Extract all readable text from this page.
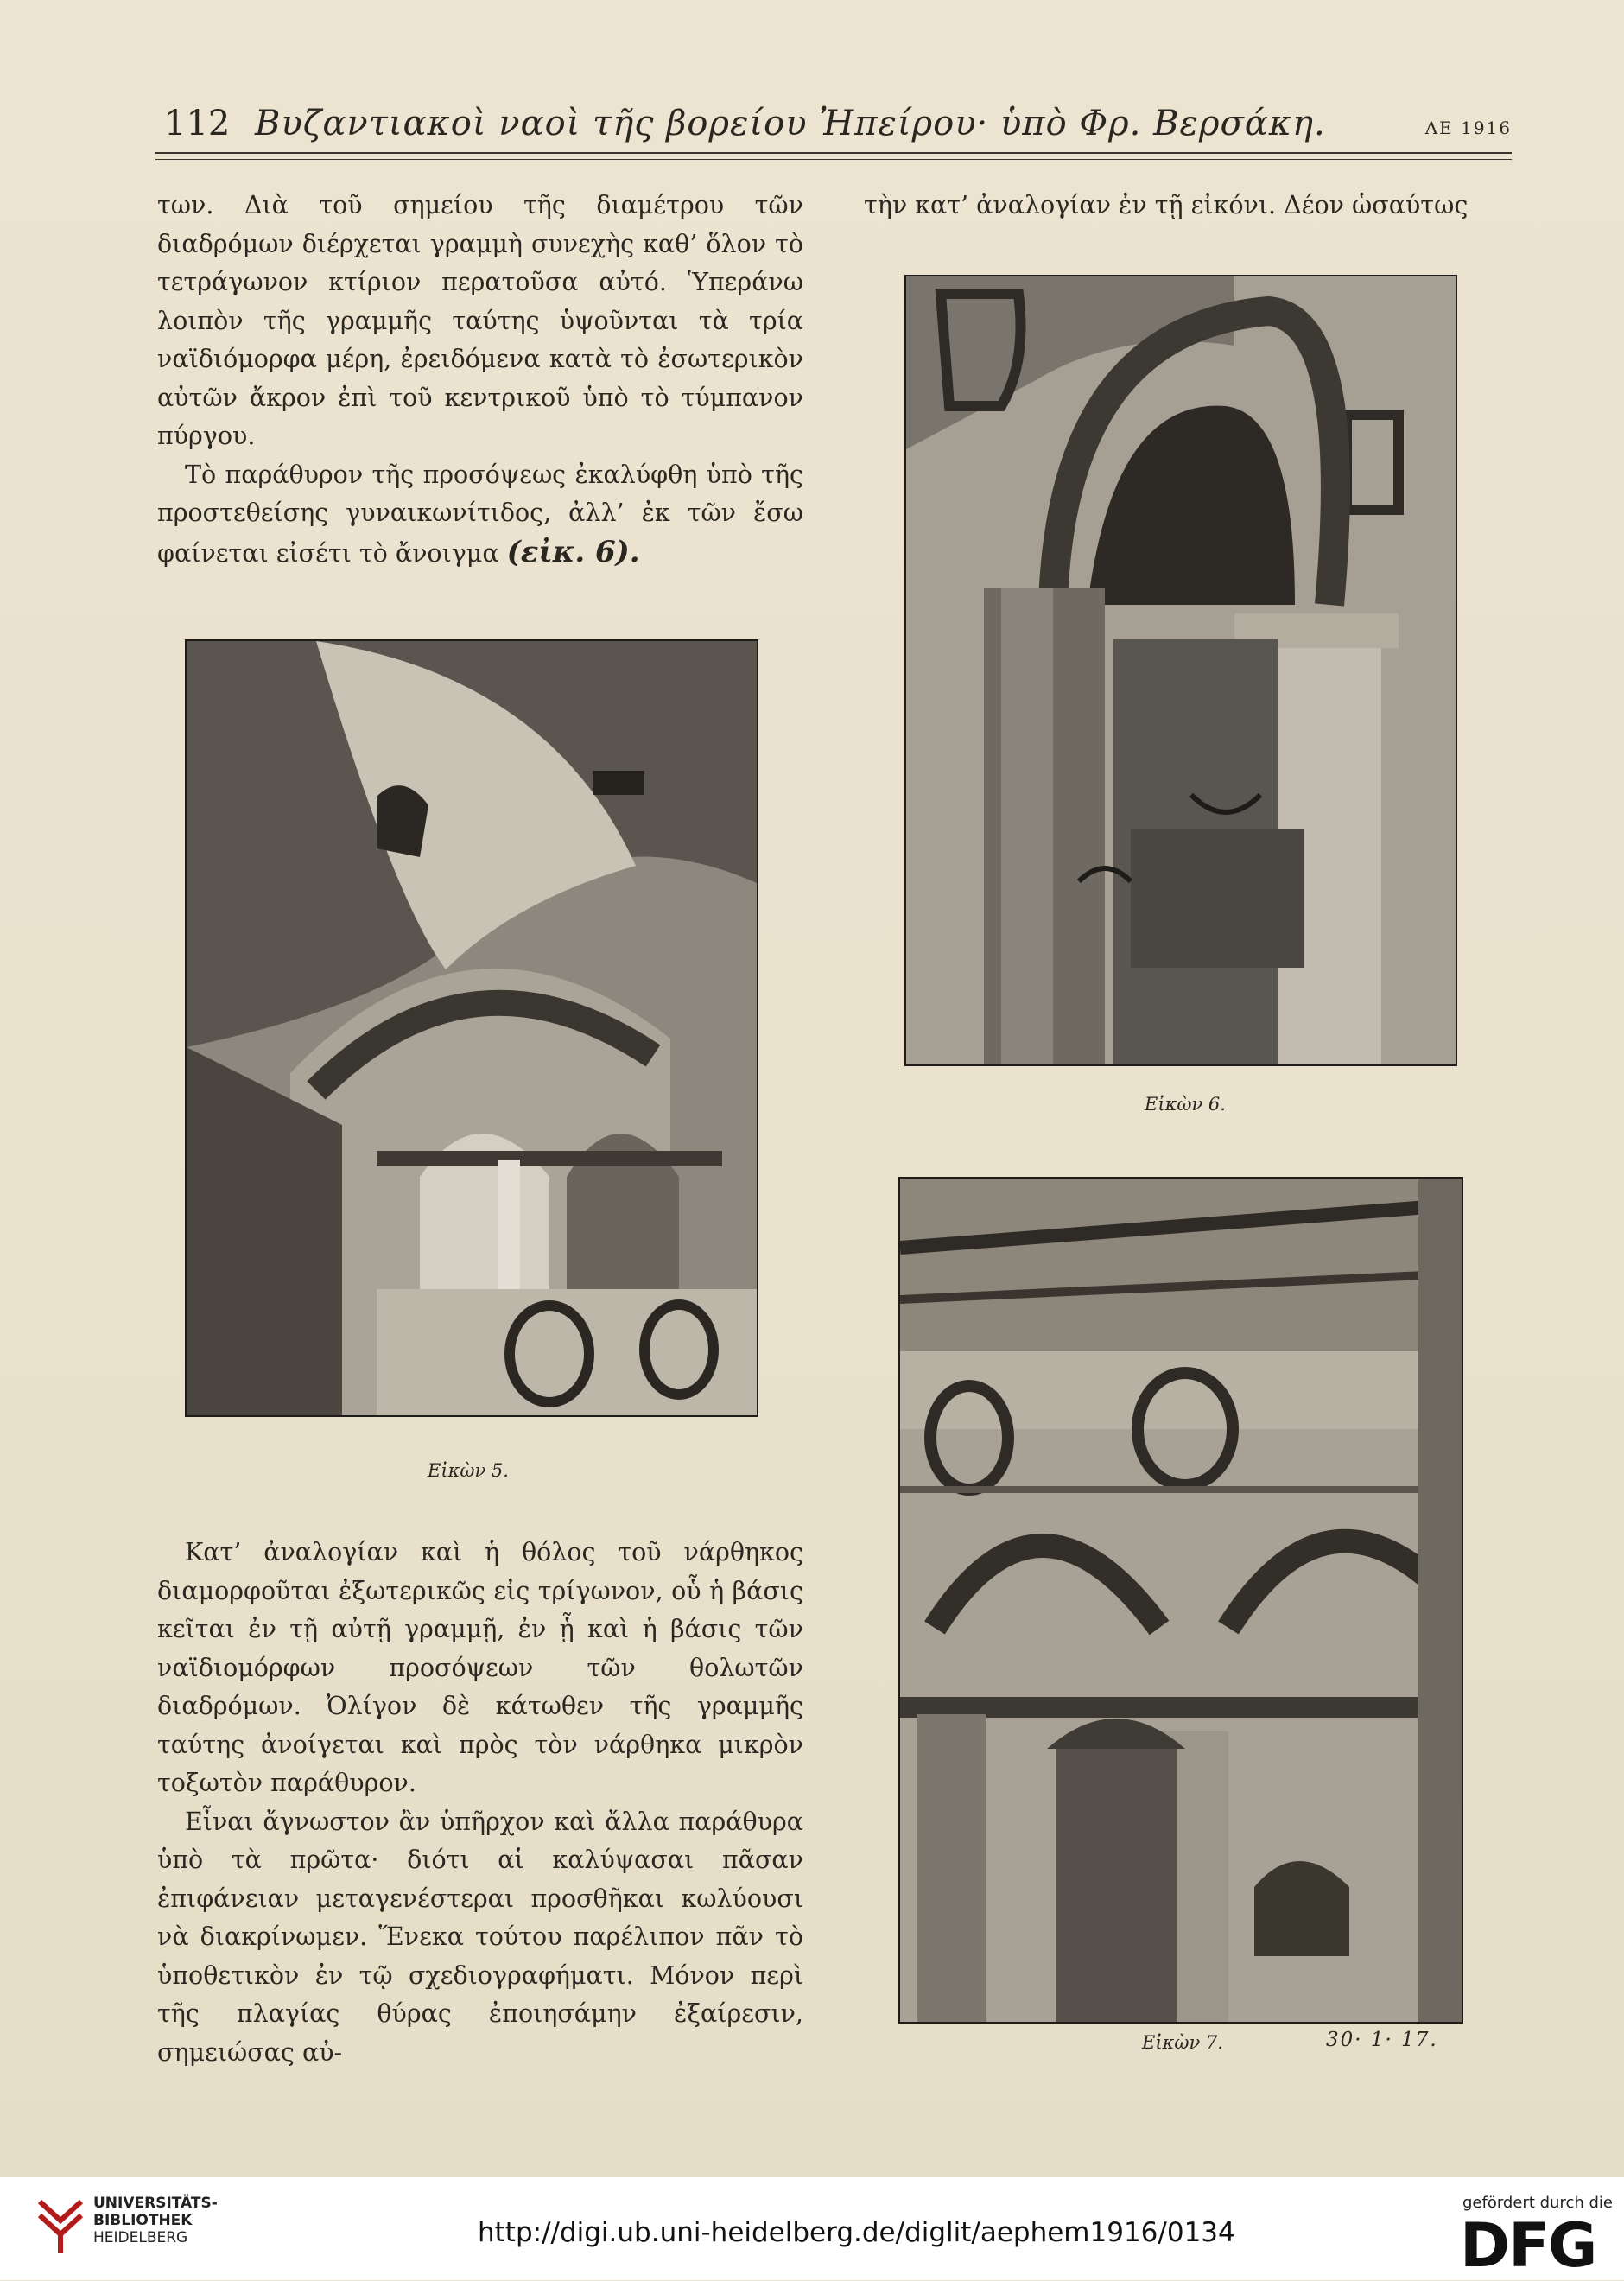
112 Βυζαντιακοὶ ναοὶ τῆς βορείου Ἠπείρου· ὑπὸ Φρ. Βερσάκη.	ΑΕ 1916

των. Διὰ τοῦ σημείου τῆς διαμέτρου τῶν διαδρόμων διέρχεται γραμμὴ συνεχὴς καθ’ ὅλον τὸ τετράγωνον κτίριον περατοῦσα αὐτό. Ὑπεράνω λοιπὸν τῆς γραμμῆς ταύτης ὑψοῦνται τὰ τρία ναϊδιόμορφα μέρη, ἐρειδόμενα κατὰ τὸ ἐσωτερικὸν αὐτῶν ἄκρον ἐπὶ τοῦ κεντρικοῦ ὑπὸ τὸ τύμπανον πύργου.

Τὸ παράθυρον τῆς προσόψεως ἐκαλύφθη ὑπὸ τῆς προστεθείσης γυναικωνίτιδος, ἀλλ’ ἐκ τῶν ἔσω φαίνεται εἰσέτι τὸ ἄνοιγμα (εἰκ. 6).

τὴν κατ’ ἀναλογίαν ἐν τῇ εἰκόνι. Δέον ὡσαύτως

Εἰκὼν 5.
Εἰκὼν 6.
Εἰκὼν 7.	30· 1· 17.

Κατ’ ἀναλογίαν καὶ ἡ θόλος τοῦ νάρθηκος διαμορφοῦται ἐξωτερικῶς εἰς τρίγωνον, οὗ ἡ βάσις κεῖται ἐν τῇ αὐτῇ γραμμῇ, ἐν ᾗ καὶ ἡ βάσις τῶν ναϊδιομόρφων προσόψεων τῶν θολωτῶν διαδρόμων. Ὀλίγον δὲ κάτωθεν τῆς γραμμῆς ταύτης ἀνοίγεται καὶ πρὸς τὸν νάρθηκα μικρὸν τοξωτὸν παράθυρον.

Εἶναι ἄγνωστον ἂν ὑπῆρχον καὶ ἄλλα παράθυρα ὑπὸ τὰ πρῶτα· διότι αἱ καλύψασαι πᾶσαν ἐπιφάνειαν μεταγενέστεραι προσθῆκαι κωλύουσι νὰ διακρίνωμεν. Ἕνεκα τούτου παρέλιπον πᾶν τὸ ὑποθετικὸν ἐν τῷ σχεδιογραφήματι. Μόνον περὶ τῆς πλαγίας θύρας ἐποιησάμην ἐξαίρεσιν, σημειώσας αὐ-

UNIVERSITÄTS-
BIBLIOTHEK
HEIDELBERG	http://digi.ub.uni-heidelberg.de/diglit/aephem1916/0134
gefördert durch die
DFG
